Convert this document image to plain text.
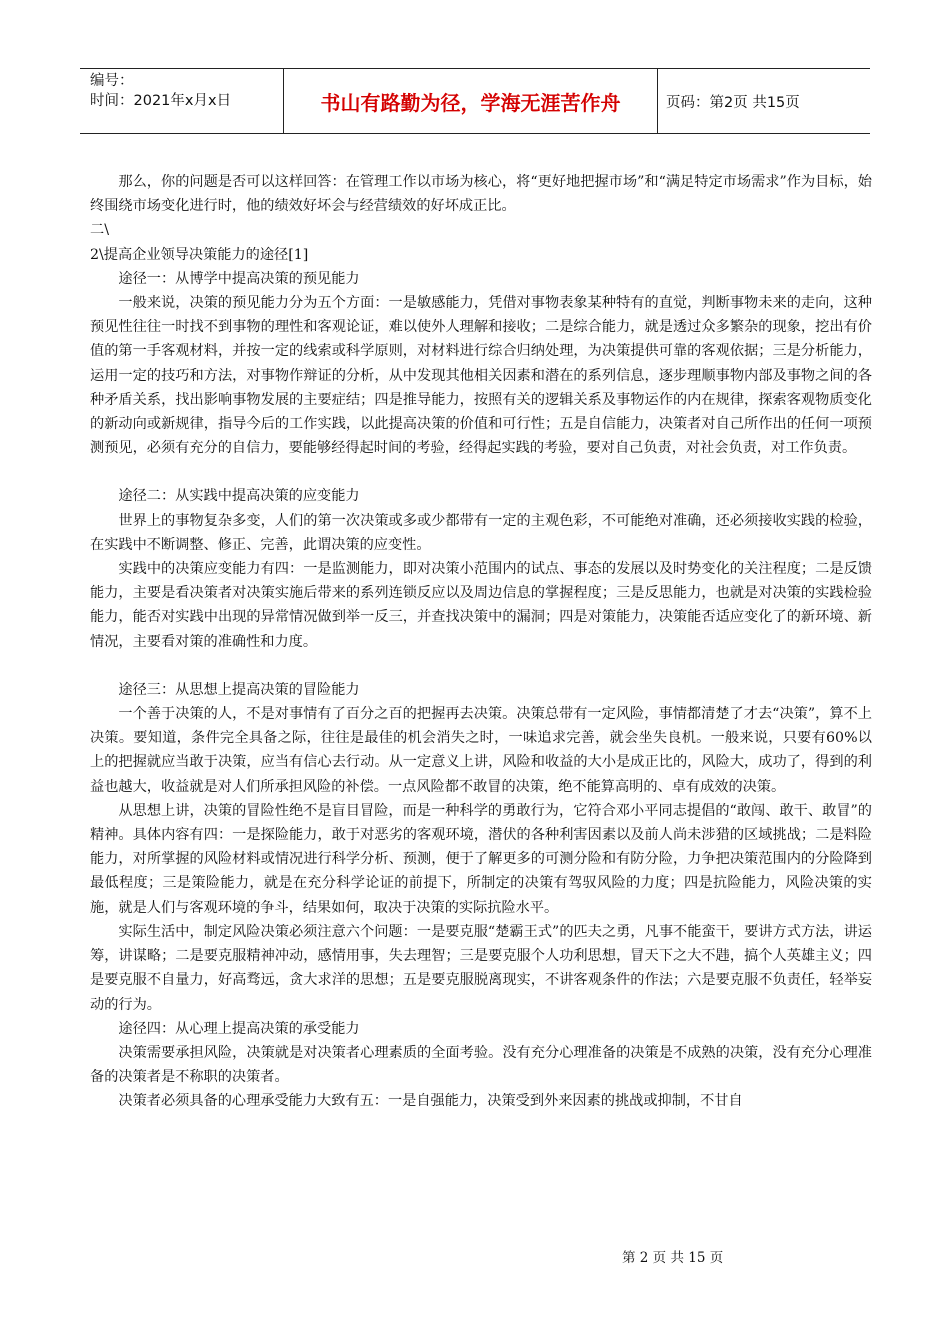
编号：
时间：2021年x月x日	书山有路勤为径，学海无涯苦作舟	页码：第2页 共15页

那么，你的问题是否可以这样回答：在管理工作以市场为核心，将“更好地把握市场”和“满足特定市场需求”作为目标，始终围绕市场变化进行时，他的绩效好坏会与经营绩效的好坏成正比。

二\

2\提高企业领导决策能力的途径[1]

途径一：从博学中提高决策的预见能力

一般来说，决策的预见能力分为五个方面：一是敏感能力，凭借对事物表象某种特有的直觉，判断事物未来的走向，这种预见性往往一时找不到事物的理性和客观论证，难以使外人理解和接收；二是综合能力，就是透过众多繁杂的现象，挖出有价值的第一手客观材料，并按一定的线索或科学原则，对材料进行综合归纳处理，为决策提供可靠的客观依据；三是分析能力，运用一定的技巧和方法，对事物作辩证的分析，从中发现其他相关因素和潜在的系列信息，逐步理顺事物内部及事物之间的各种矛盾关系，找出影响事物发展的主要症结；四是推导能力，按照有关的逻辑关系及事物运作的内在规律，探索客观物质变化的新动向或新规律，指导今后的工作实践，以此提高决策的价值和可行性；五是自信能力，决策者对自己所作出的任何一项预测预见，必须有充分的自信力，要能够经得起时间的考验，经得起实践的考验，要对自己负责，对社会负责，对工作负责。

途径二：从实践中提高决策的应变能力

世界上的事物复杂多变，人们的第一次决策或多或少都带有一定的主观色彩，不可能绝对准确，还必须接收实践的检验，在实践中不断调整、修正、完善，此谓决策的应变性。

实践中的决策应变能力有四：一是监测能力，即对决策小范围内的试点、事态的发展以及时势变化的关注程度；二是反馈能力，主要是看决策者对决策实施后带来的系列连锁反应以及周边信息的掌握程度；三是反思能力，也就是对决策的实践检验能力，能否对实践中出现的异常情况做到举一反三，并查找决策中的漏洞；四是对策能力，决策能否适应变化了的新环境、新情况，主要看对策的准确性和力度。

途径三：从思想上提高决策的冒险能力

一个善于决策的人，不是对事情有了百分之百的把握再去决策。决策总带有一定风险，事情都清楚了才去“决策”，算不上决策。要知道，条件完全具备之际，往往是最佳的机会消失之时，一味追求完善，就会坐失良机。一般来说，只要有60%以上的把握就应当敢于决策，应当有信心去行动。从一定意义上讲，风险和收益的大小是成正比的，风险大，成功了，得到的利益也越大，收益就是对人们所承担风险的补偿。一点风险都不敢冒的决策，绝不能算高明的、卓有成效的决策。

从思想上讲，决策的冒险性绝不是盲目冒险，而是一种科学的勇敢行为，它符合邓小平同志提倡的“敢闯、敢干、敢冒”的精神。具体内容有四：一是探险能力，敢于对恶劣的客观环境，潜伏的各种利害因素以及前人尚未涉猎的区域挑战；二是料险能力，对所掌握的风险材料或情况进行科学分析、预测，便于了解更多的可测分险和有防分险，力争把决策范围内的分险降到最低程度；三是策险能力，就是在充分科学论证的前提下，所制定的决策有驾驭风险的力度；四是抗险能力，风险决策的实施，就是人们与客观环境的争斗，结果如何，取决于决策的实际抗险水平。

实际生活中，制定风险决策必须注意六个问题：一是要克服“楚霸王式”的匹夫之勇，凡事不能蛮干，要讲方式方法，讲运筹，讲谋略；二是要克服精神冲动，感情用事，失去理智；三是要克服个人功利思想，冒天下之大不韪，搞个人英雄主义；四是要克服不自量力，好高骛远，贪大求洋的思想；五是要克服脱离现实，不讲客观条件的作法；六是要克服不负责任，轻举妄动的行为。

途径四：从心理上提高决策的承受能力

决策需要承担风险，决策就是对决策者心理素质的全面考验。没有充分心理准备的决策是不成熟的决策，没有充分心理准备的决策者是不称职的决策者。

决策者必须具备的心理承受能力大致有五：一是自强能力，决策受到外来因素的挑战或抑制，不甘自

第 2 页 共 15 页
